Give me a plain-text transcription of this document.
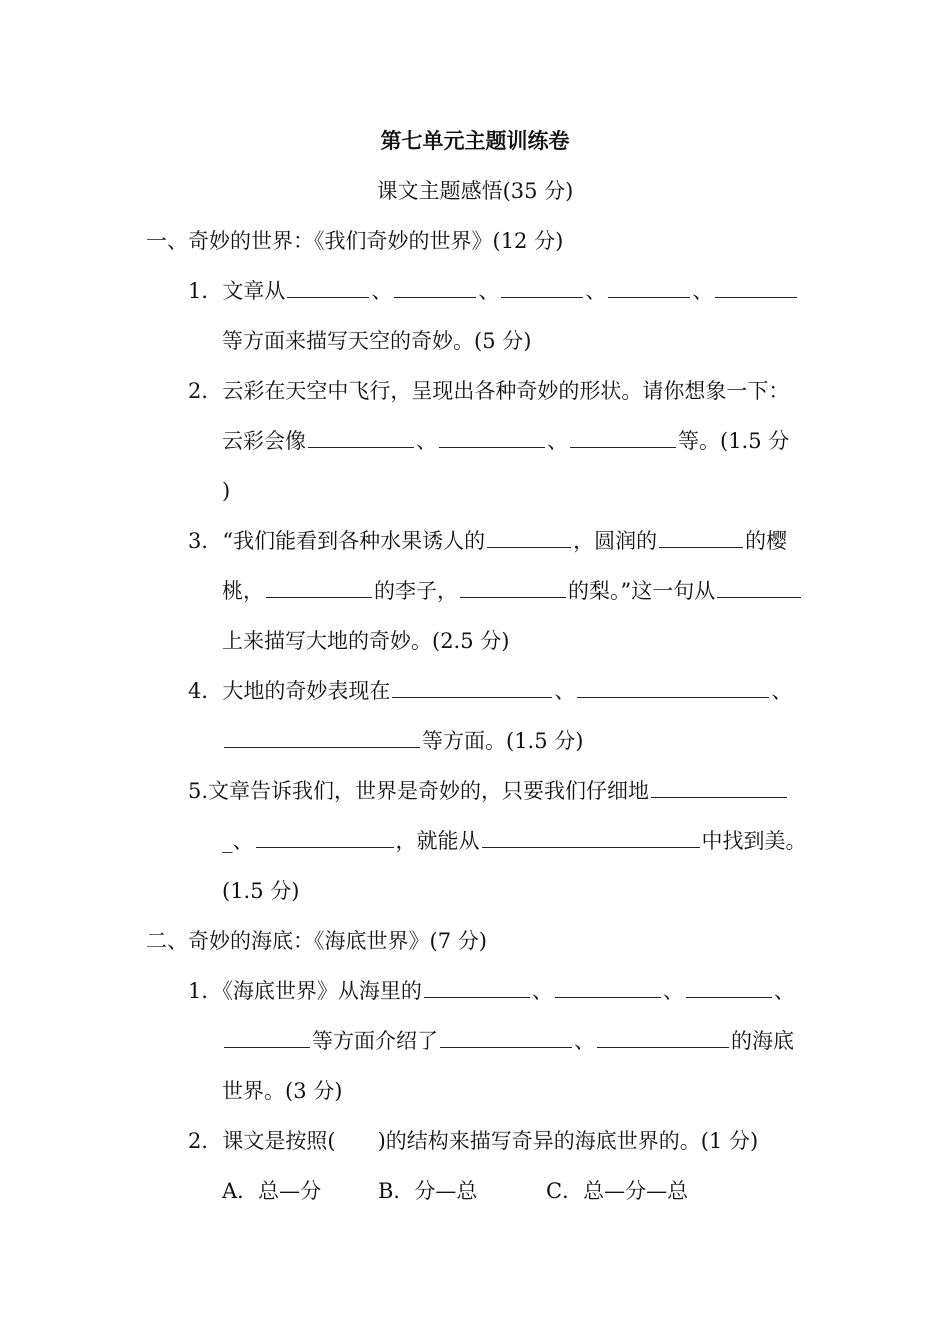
第七单元主题训练卷
课文主题感悟(35 分)
一、奇妙的世界：《我们奇妙的世界》(12 分)
1．文章从	、	、	、	、
等方面来描写天空的奇妙。(5 分)
2．云彩在天空中飞行，呈现出各种奇妙的形状。请你想象一下：
云彩会像	、	、	等。(1.5 分
)
3．“我们能看到各种水果诱人的	，圆润的	的樱
桃，	的李子，	的梨。”这一句从
上来描写大地的奇妙。(2.5 分)
4．大地的奇妙表现在	、	、
等方面。(1.5 分)
5.文章告诉我们，世界是奇妙的，只要我们仔细地
_、	，就能从	中找到美。
(1.5 分)
二、奇妙的海底：《海底世界》(7 分)
1．《海底世界》从海里的	、	、	、
等方面介绍了	、	的海底
世界。(3 分)
2．课文是按照(　　)的结构来描写奇异的海底世界的。(1 分)
A．总—分	B．分—总	C．总—分—总
